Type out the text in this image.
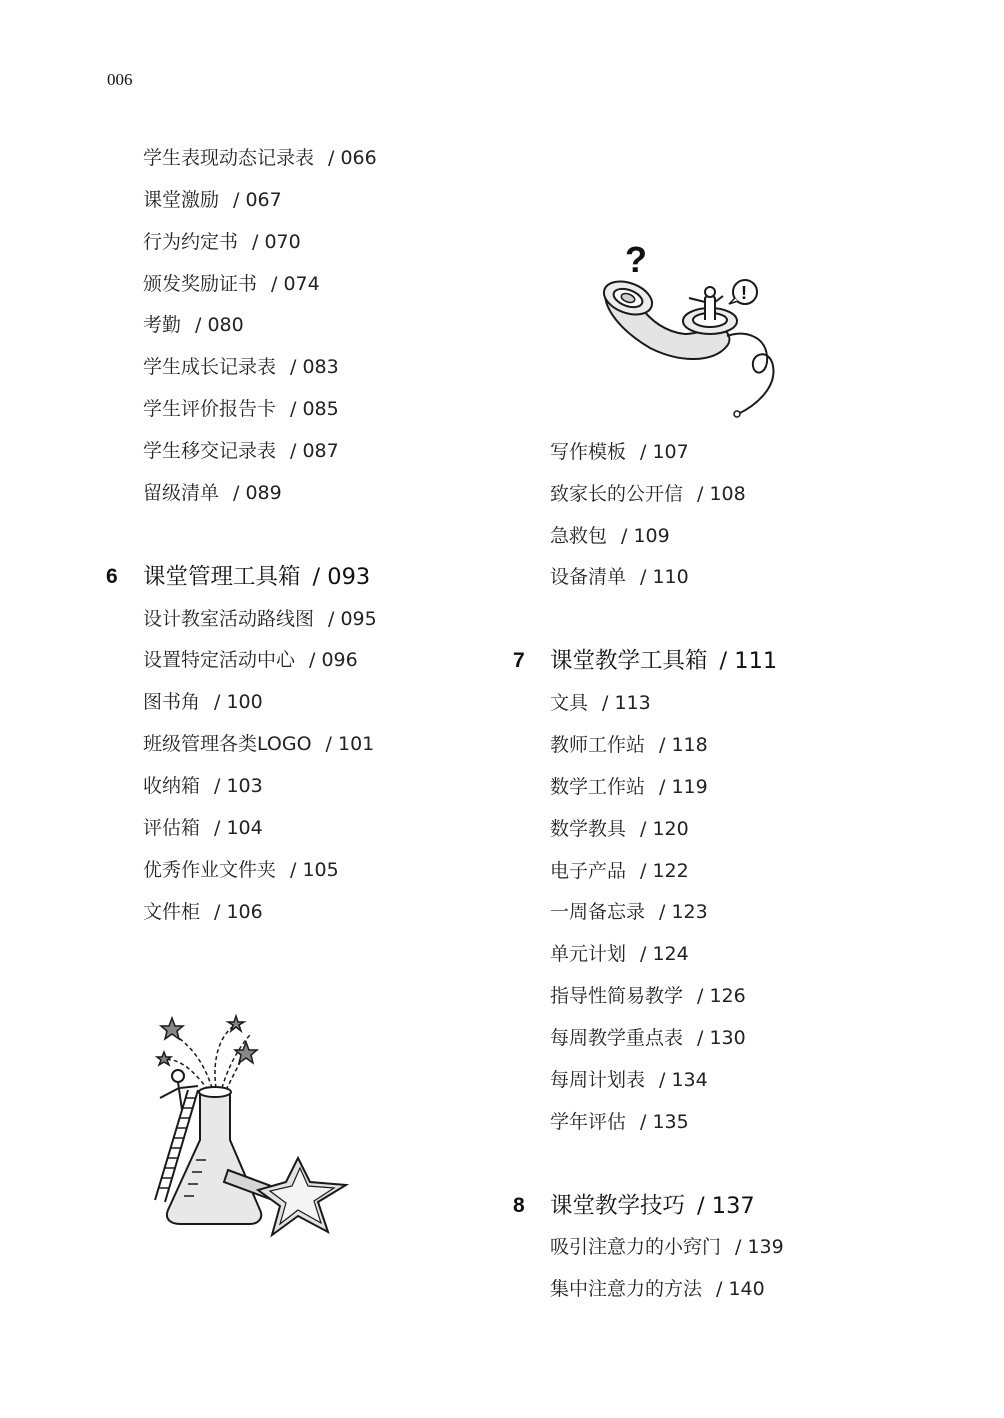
006
学生表现动态记录表 / 066
课堂激励 / 067
行为约定书 / 070
颁发奖励证书 / 074
考勤 / 080
学生成长记录表 / 083
学生评价报告卡 / 085
学生移交记录表 / 087
留级清单 / 089
6 课堂管理工具箱 / 093
设计教室活动路线图 / 095
设置特定活动中心 / 096
图书角 / 100
班级管理各类LOGO / 101
收纳箱 / 103
评估箱 / 104
优秀作业文件夹 / 105
文件柜 / 106
写作模板 / 107
致家长的公开信 / 108
急救包 / 109
设备清单 / 110
7 课堂教学工具箱 / 111
文具 / 113
教师工作站 / 118
数学工作站 / 119
数学教具 / 120
电子产品 / 122
一周备忘录 / 123
单元计划 / 124
指导性简易教学 / 126
每周教学重点表 / 130
每周计划表 / 134
学年评估 / 135
8 课堂教学技巧 / 137
吸引注意力的小窍门 / 139
集中注意力的方法 / 140
?
!
